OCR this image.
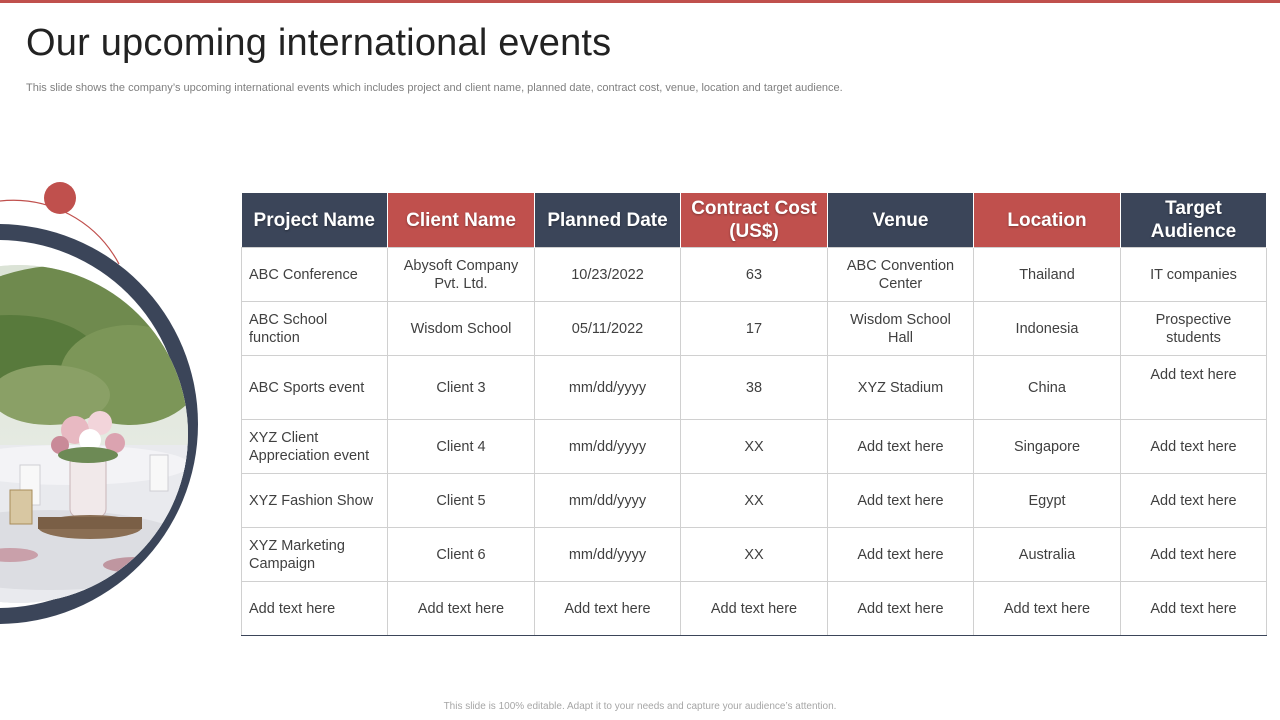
Our upcoming international events
This slide shows the company’s upcoming international events which includes project and client name, planned date, contract cost, venue, location and target audience.
Project Name	Client Name	Planned Date	Contract Cost (US$)	Venue	Location	Target Audience
ABC Conference	Abysoft Company Pvt. Ltd.	10/23/2022	63	ABC Convention Center	Thailand	IT companies
ABC School function	Wisdom School	05/11/2022	17	Wisdom School Hall	Indonesia	Prospective students
ABC Sports event	Client 3	mm/dd/yyyy	38	XYZ Stadium	China	Add text here
XYZ Client Appreciation event	Client 4	mm/dd/yyyy	XX	Add text here	Singapore	Add text here
XYZ Fashion Show	Client 5	mm/dd/yyyy	XX	Add text here	Egypt	Add text here
XYZ Marketing Campaign	Client 6	mm/dd/yyyy	XX	Add text here	Australia	Add text here
Add text here	Add text here	Add text here	Add text here	Add text here	Add text here	Add text here
This slide is 100% editable. Adapt it to your needs and capture your audience’s attention.
